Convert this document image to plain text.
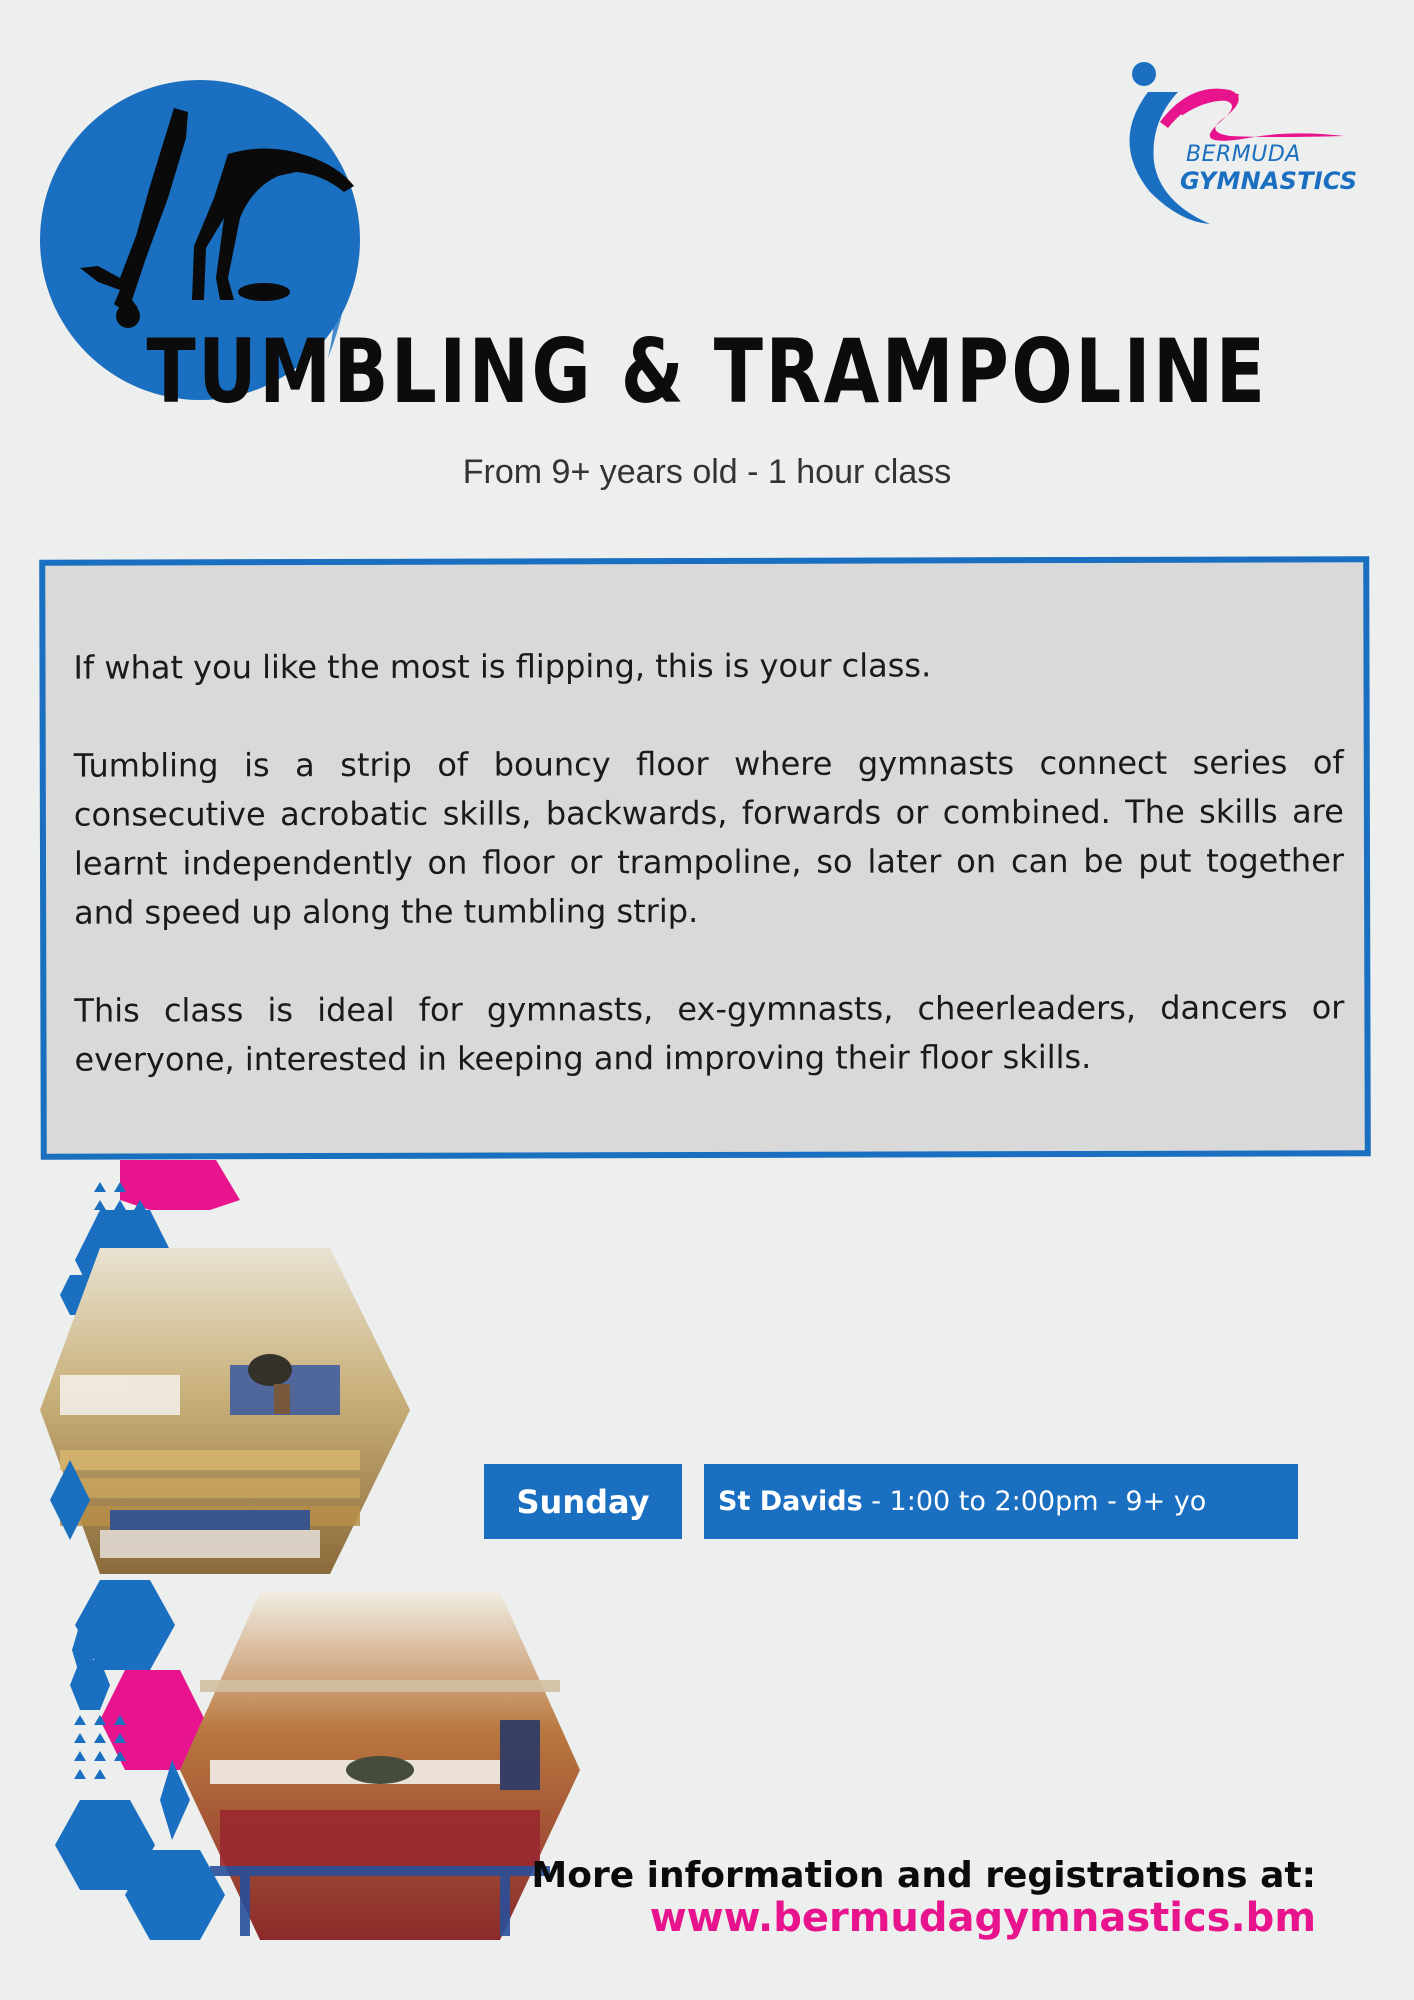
BERMUDA
GYMNASTICS
TUMBLING & TRAMPOLINE
From 9+ years old - 1 hour class

If what you like the most is flipping, this is your class.

Tumbling is a strip of bouncy floor where gymnasts connect series of consecutive acrobatic skills, backwards, forwards or combined. The skills are learnt independently on floor or trampoline, so later on can be put together and speed up along the tumbling strip.

This class is ideal for gymnasts, ex-gymnasts, cheerleaders, dancers or everyone, interested in keeping and improving their floor skills.

Sunday	St Davids - 1:00 to 2:00pm - 9+ yo
More information and registrations at:
www.bermudagymnastics.bm
